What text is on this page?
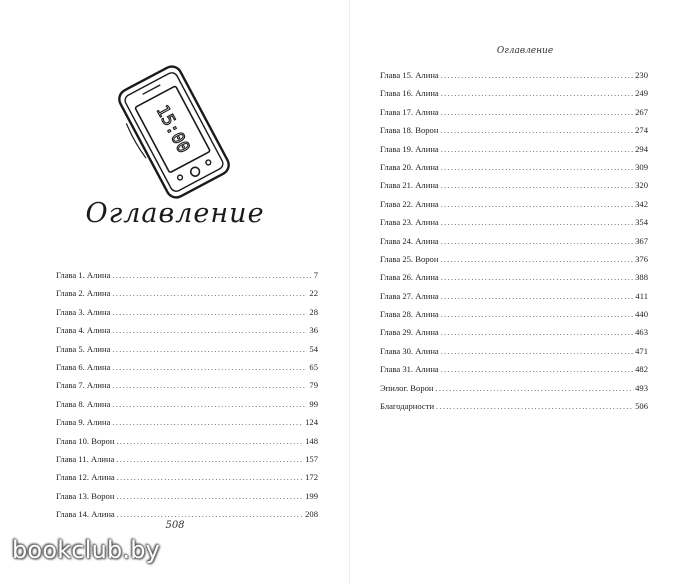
15:00
Оглавление
Глава 1. Алина .....	7
Глава 2. Алина .....	22
Глава 3. Алина .....	28
Глава 4. Алина .....	36
Глава 5. Алина .....	54
Глава 6. Алина .....	65
Глава 7. Алина .....	79
Глава 8. Алина .....	99
Глава 9. Алина .....	124
Глава 10. Ворон .....	148
Глава 11. Алина .....	157
Глава 12. Алина .....	172
Глава 13. Ворон .....	199
Глава 14. Алина .....	208
508
Глава 15. Алина .....	230
Глава 16. Алина .....	249
Глава 17. Алина .....	267
Глава 18. Ворон .....	274
Глава 19. Алина .....	294
Глава 20. Алина .....	309
Глава 21. Алина .....	320
Глава 22. Алина .....	342
Глава 23. Алина .....	354
Глава 24. Алина .....	367
Глава 25. Ворон .....	376
Глава 26. Алина .....	388
Глава 27. Алина .....	411
Глава 28. Алина .....	440
Глава 29. Алина .....	463
Глава 30. Алина .....	471
Глава 31. Алина .....	482
Эпилог. Ворон .....	493
Благодарности .....	506
Оглавление
bookclub.by
